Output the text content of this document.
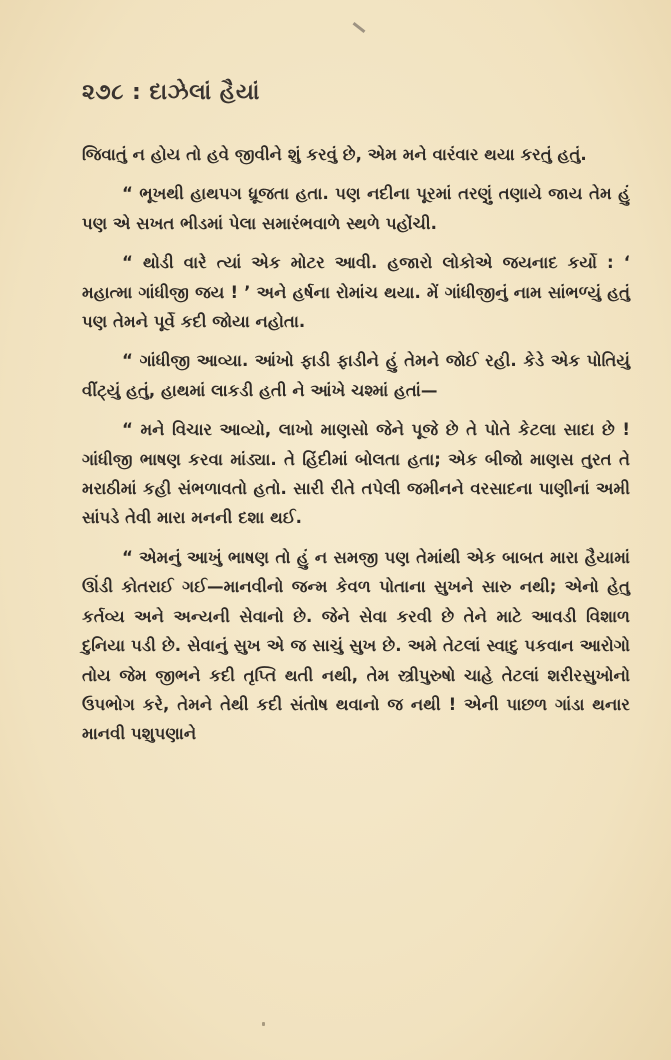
૨૭૮ : દાઝેલાં હૈયાં

જિવાતું ન હોય તો હવે જીવીને શું કરવું છે, એમ મને વારંવાર થયા કરતું હતું.

“ ભૂખથી હાથપગ ધ્રૂજતા હતા. પણ નદીના પૂરમાં તરણું તણાયે જાય તેમ હું પણ એ સખત ભીડમાં પેલા સમારંભવાળે સ્થળે પહોંચી.

“ થોડી વારે ત્યાં એક મોટર આવી. હજારો લોકોએ જયનાદ કર્યો : ‘ મહાત્મા ગાંધીજી જય ! ’ અને હર્ષના રોમાંચ થયા. મેં ગાંધીજીનું નામ સાંભળ્યું હતું પણ તેમને પૂર્વે કદી જોયા નહોતા.

“ ગાંધીજી આવ્યા. આંખો ફાડી ફાડીને હું તેમને જોઈ રહી. કેડે એક પોતિયું વીંટ્યું હતું, હાથમાં લાકડી હતી ને આંખે ચશ્માં હતાં—

“ મને વિચાર આવ્યો, લાખો માણસો જેને પૂજે છે તે પોતે કેટલા સાદા છે ! ગાંધીજી ભાષણ કરવા માંડ્યા. તે હિંદીમાં બોલતા હતા; એક બીજો માણસ તુરત તે મરાઠીમાં કહી સંભળાવતો હતો. સારી રીતે તપેલી જમીનને વરસાદના પાણીનાં અમી સાંપડે તેવી મારા મનની દશા થઈ.

“ એમનું આખું ભાષણ તો હું ન સમજી પણ તેમાંથી એક બાબત મારા હૈયામાં ઊંડી કોતરાઈ ગઈ—માનવીનો જન્મ કેવળ પોતાના સુખને સારુ નથી; એનો હેતુ કર્તવ્ય અને અન્યની સેવાનો છે. જેને સેવા કરવી છે તેને માટે આવડી વિશાળ દુનિયા પડી છે. સેવાનું સુખ એ જ સાચું સુખ છે. અમે તેટલાં સ્વાદુ પકવાન આરોગો તોય જેમ જીભને કદી તૃપ્તિ થતી નથી, તેમ સ્ત્રીપુરુષો ચાહે તેટલાં શરીરસુખોનો ઉપભોગ કરે, તેમને તેથી કદી સંતોષ થવાનો જ નથી ! એની પાછળ ગાંડા થનાર માનવી પશુપણાને
